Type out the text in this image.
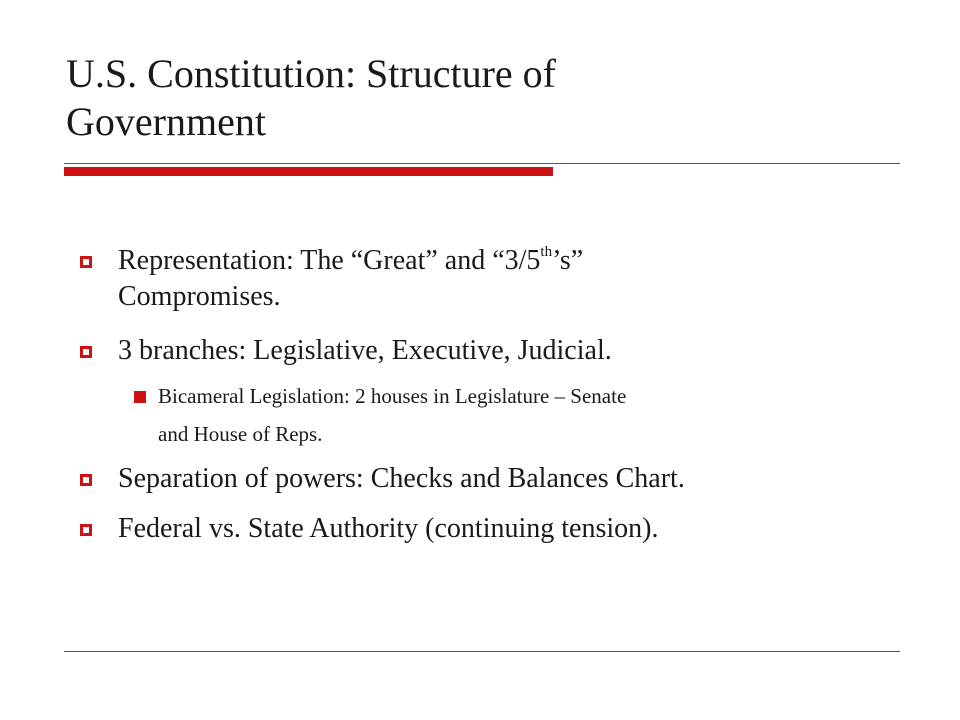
U.S. Constitution: Structure of
Government
Representation: The “Great” and “3/5th’s”
Compromises.
3 branches: Legislative, Executive, Judicial.
Bicameral Legislation: 2 houses in Legislature – Senate
and House of Reps.
Separation of powers: Checks and Balances Chart.
Federal vs. State Authority (continuing tension).
